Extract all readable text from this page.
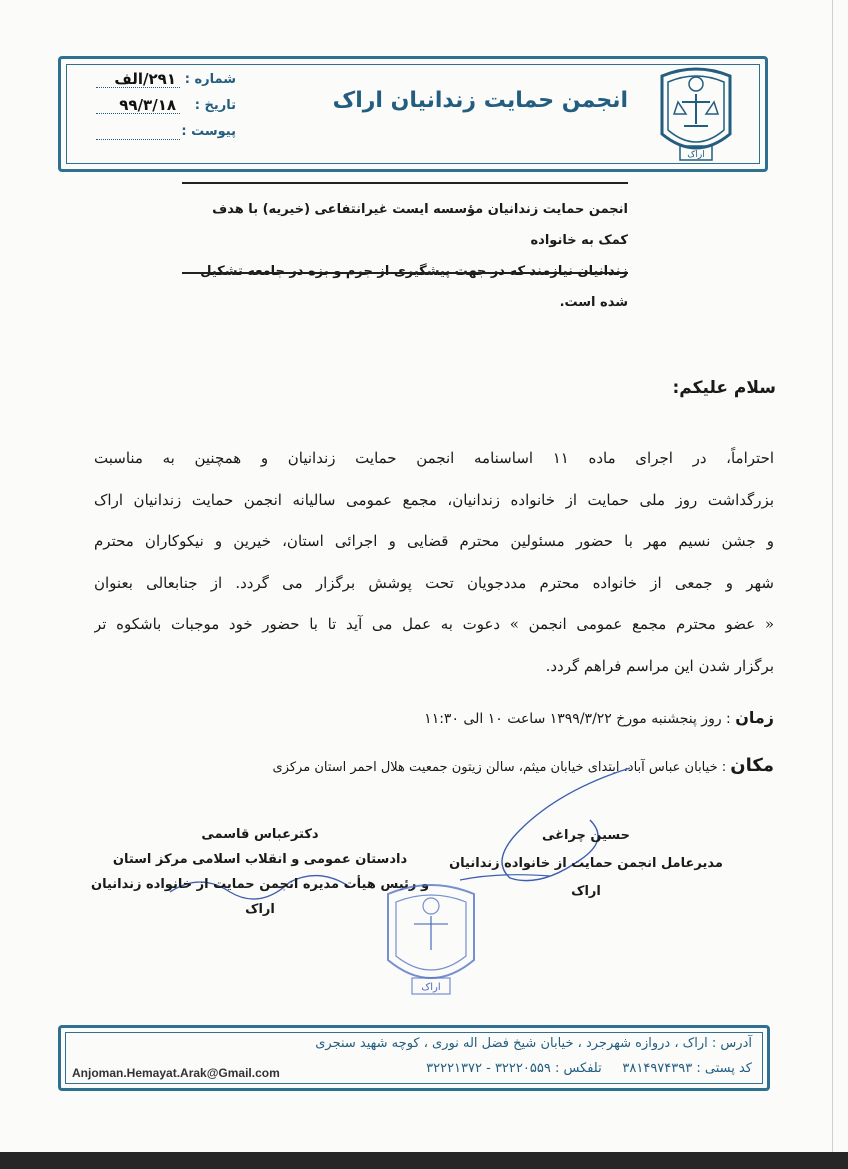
اراک
انجمن حمایت زندانیان اراک
شماره :
۲۹۱/الف
تاریخ :
۹۹/۳/۱۸
پیوست :
انجمن حمایت زندانیان مؤسسه ایست غیرانتفاعی (خیریه) با هدف کمک به خانواده
شده است.
سلام علیکم:
احتراماً، در اجرای ماده ۱۱ اساسنامه انجمن حمایت زندانیان و همچنین به مناسبت
بزرگداشت روز ملی حمایت از خانواده زندانیان، مجمع عمومی سالیانه انجمن حمایت زندانیان اراک
و جشن نسیم مهر با حضور مسئولین محترم قضایی و اجرائی استان، خیرین و نیکوکاران محترم
شهر و جمعی از خانواده محترم مددجویان تحت پوشش برگزار می گردد. از جنابعالی بعنوان
« عضو محترم مجمع عمومی انجمن » دعوت به عمل می آید تا با حضور خود موجبات باشکوه تر
برگزار شدن این مراسم فراهم گردد.
زمان : روز پنجشنبه مورخ ۱۳۹۹/۳/۲۲ ساعت ۱۰ الی ۱۱:۳۰
مکان : خیابان عباس آباد، ابتدای خیابان میثم، سالن زیتون جمعیت هلال احمر استان مرکزی
حسین چراغی
مدیرعامل انجمن حمایت از خانواده زندانیان اراک
دکترعباس قاسمی
دادستان عمومی و انقلاب اسلامی مرکز استان
و رئیس هیأت مدیره انجمن حمایت از خانواده زندانیان اراک
اراک
آدرس : اراک ، دروازه شهرجرد ، خیابان شیخ فضل اله نوری ، کوچه شهید سنجری
کد پستی : ۳۸۱۴۹۷۴۳۹۳     تلفکس : ۳۲۲۲۰۵۵۹ - ۳۲۲۲۱۳۷۲
Anjoman.Hemayat.Arak@Gmail.com
